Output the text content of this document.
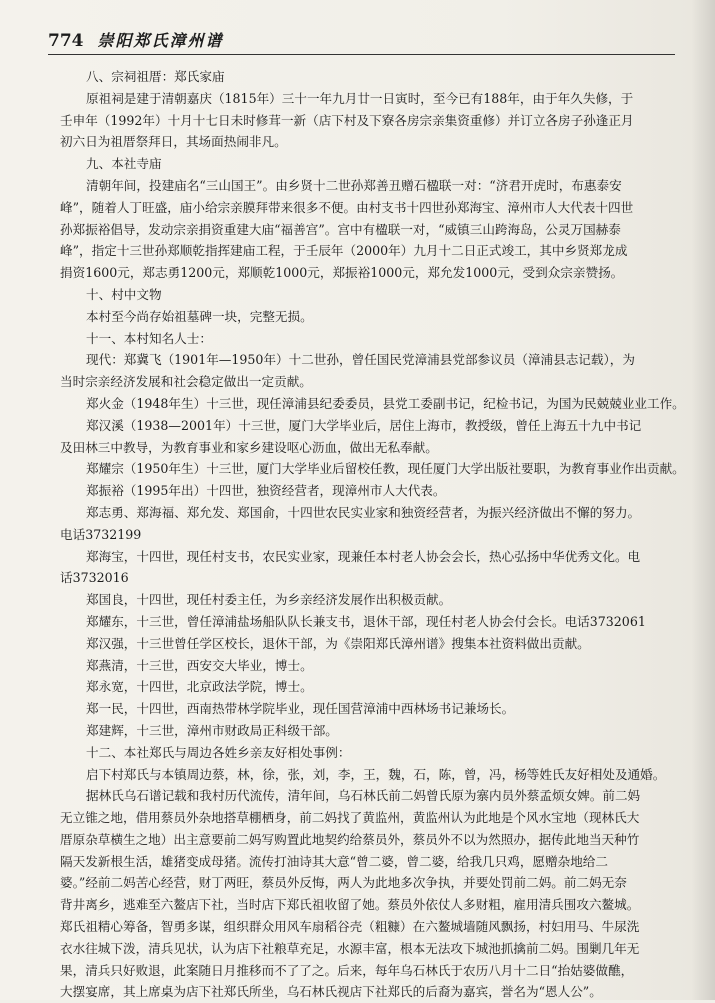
774 崇阳郑氏漳州谱
八、宗祠祖厝：郑氏家庙
原祖祠是建于清朝嘉庆（1815年）三十一年九月廿一日寅时，至今已有188年，由于年久失修，于
壬申年（1992年）十月十七日未时修茸一新（店下村及下寮各房宗亲集资重修）并订立各房子孙逢正月
初六日为祖厝祭拜日，其场面热闹非凡。
九、本社寺庙
清朝年间，投建庙名“三山国王”。由乡贤十二世孙郑善丑赠石楹联一对：“济君开虎时，布惠泰安
峰”，随着人丁旺盛，庙小给宗亲膜拜带来很多不便。由村支书十四世孙郑海宝、漳州市人大代表十四世
孙郑振裕倡导，发动宗亲捐资重建大庙“福善宫”。宫中有楹联一对，“威镇三山跨海岛，公灵万国赫泰
峰”，指定十三世孙郑顺乾指挥建庙工程，于壬辰年（2000年）九月十二日正式竣工，其中乡贤郑龙成
捐资1600元，郑志勇1200元，郑顺乾1000元，郑振裕1000元，郑允发1000元，受到众宗亲赞扬。
十、村中文物
本村至今尚存始祖墓碑一块，完整无损。
十一、本村知名人士：
现代：郑冀飞（1901年—1950年）十二世孙，曾任国民党漳浦县党部参议员（漳浦县志记载），为
当时宗亲经济发展和社会稳定做出一定贡献。
郑火金（1948年生）十三世，现任漳浦县纪委委员，县党工委副书记，纪检书记，为国为民兢兢业业工作。
郑汉溪（1938—2001年）十三世，厦门大学毕业后，居住上海市，教授级，曾任上海五十九中书记
及田林三中教导，为教育事业和家乡建设呕心沥血，做出无私奉献。
郑耀宗（1950年生）十三世，厦门大学毕业后留校任教，现任厦门大学出版社要职，为教育事业作出贡献。
郑振裕（1995年出）十四世，独资经营者，现漳州市人大代表。
郑志勇、郑海福、郑允发、郑国俞，十四世农民实业家和独资经营者，为振兴经济做出不懈的努力。
电话3732199
郑海宝，十四世，现任村支书，农民实业家，现兼任本村老人协会会长，热心弘扬中华优秀文化。电
话3732016
郑国良，十四世，现任村委主任，为乡亲经济发展作出积极贡献。
郑耀东，十三世，曾任漳浦盐场船队队长兼支书，退休干部，现任村老人协会付会长。电话3732061
郑汉强，十三世曾任学区校长，退休干部，为《崇阳郑氏漳州谱》搜集本社资料做出贡献。
郑燕清，十三世，西安交大毕业，博士。
郑永宽，十四世，北京政法学院，博士。
郑一民，十四世，西南热带林学院毕业，现任国营漳浦中西林场书记兼场长。
郑建辉，十三世，漳州市财政局正科级干部。
十二、本社郑氏与周边各姓乡亲友好相处事例：
启下村郑氏与本镇周边蔡，林，徐，张，刘，李，王，魏，石，陈，曾，冯，杨等姓氏友好相处及通婚。
据林氏乌石谱记载和我村历代流传，清年间，乌石林氏前二妈曾氏原为寨内员外蔡孟烦女婢。前二妈
无立锥之地，借用蔡员外杂地搭草棚栖身，前二妈找了黄监州，黄监州认为此地是个风水宝地（现林氏大
厝原杂草横生之地）出主意要前二妈写购置此地契约给蔡员外，蔡员外不以为然照办，据传此地当天种竹
隔天发新根生活，雄猪变成母猪。流传打油诗其大意“曾二婆，曾二婆，给我几只鸡，愿赠杂地给二
婆。”经前二妈苦心经营，财丁两旺，蔡员外反悔，两人为此地多次争执，并要处罚前二妈。前二妈无奈
背井离乡，逃难至六鳌店下社，当时店下郑氏祖收留了她。蔡员外依仗人多财粗，雇用清兵围攻六鳌城。
郑氏祖精心筹备，智勇多谋，组织群众用风车扇稻谷壳（粗糠）在六鳌城墙随风飘扬，村妇用马、牛尿洗
衣水往城下泼，清兵见状，认为店下社粮草充足，水源丰富，根本无法攻下城池抓擒前二妈。围剿几年无
果，清兵只好败退，此案随日月推移而不了了之。后来，每年乌石林氏于农历八月十二日“抬姑婆做醮，
大摆宴席，其上席桌为店下社郑氏所坐，乌石林氏视店下社郑氏的后裔为嘉宾，誉名为“恩人公”。
